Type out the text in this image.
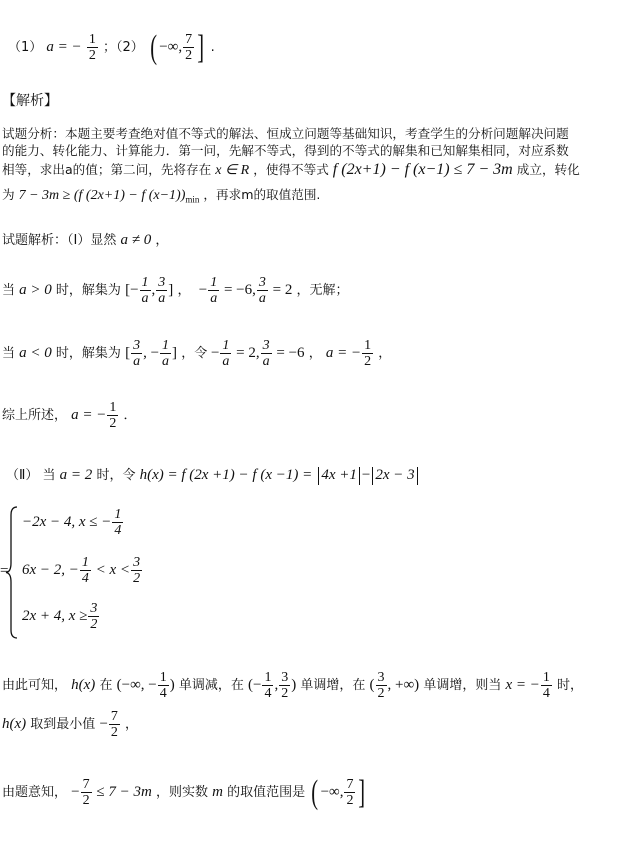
（1） a = − $\frac{1}{2}$ ；（2） ( −∞, $\frac{7}{2}$ ] .
【解析】
试题分析：本题主要考查绝对值不等式的解法、恒成立问题等基础知识，考查学生的分析问题解决问题
的能力、转化能力、计算能力．第一问，先解不等式，得到的不等式的解集和已知解集相同，对应系数
相等，求出a的值；第二问，先将存在 x ∈ R ，使得不等式 f (2x+1) − f (x−1) ≤ 7 − 3m 成立，转化
为 7 − 3m ≥ (f (2x+1) − f $(x-1))_{min}$ ，再求m的取值范围.
试题解析：（Ⅰ）显然 a ≠ 0 ，
当 a > 0 时，解集为 [− $\frac{1}{a}$ , $\frac{3}{a}$ ] ， − $\frac{1}{a} = -6$, $\frac{3}{a} = 2$ ，无解；
当 a < 0 时，解集为 [ $\frac{3}{a}$ , − $\frac{1}{a}$ ] ，令 − $\frac{1}{a} = 2$, $\frac{3}{a} = -6$ ， a = − $\frac{1}{2}$ ，
综上所述， a = − $\frac{1}{2}$ ．
（Ⅱ） 当 a = 2 时，令 h(x) = f (2x +1) − f (x −1) = 4x +1 − 2x − 3
=
−2x − 4, x ≤ − $\frac{1}{4}$
6x − 2, − $\frac{1}{4} < x < \frac{3}{2}$
2x + 4, $x \ge \frac{3}{2}$
由此可知， h(x) 在 (−∞, − $\frac{1}{4}$ ) 单调减，在 (− $\frac{1}{4}$ , $\frac{3}{2}$ ) 单调增，在 ( $\frac{3}{2}$ , +∞) 单调增，则当 x = − $\frac{1}{4}$ 时，
h(x) 取到最小值 − $\frac{7}{2}$ ，
由题意知， − $\frac{7}{2} \le 7 - 3m$ ，则实数 m 的取值范围是 ( −∞, $\frac{7}{2}$ ]
